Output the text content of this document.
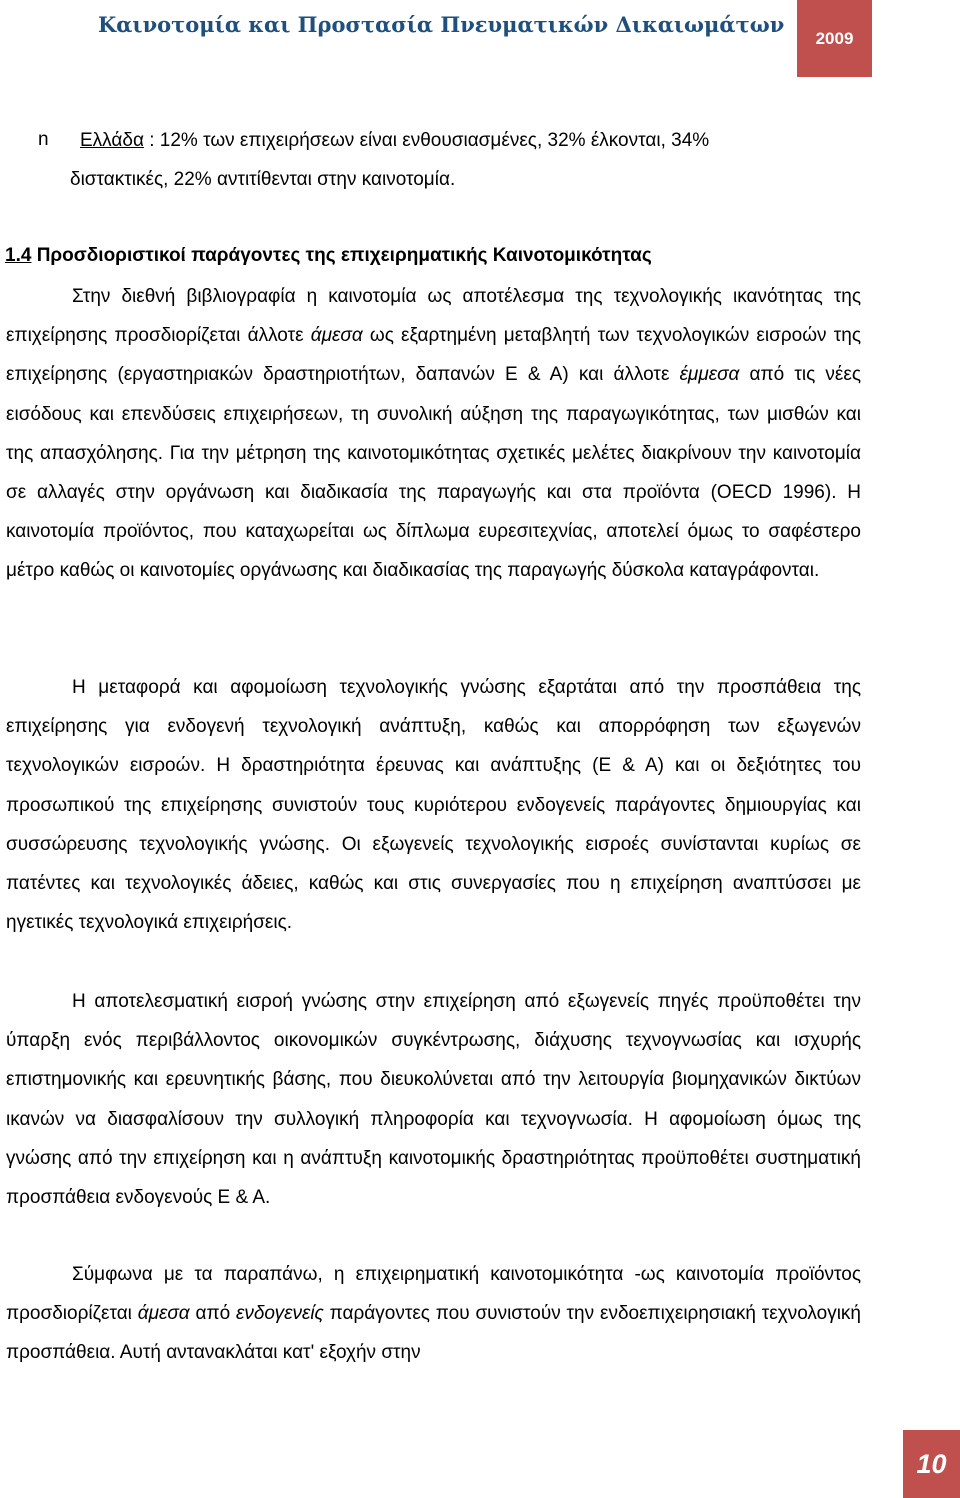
Καινοτομία και Προστασία Πνευματικών Δικαιωμάτων
2009
n Ελλάδα : 12% των επιχειρήσεων είναι ενθουσιασμένες, 32% έλκονται, 34%
διστακτικές, 22% αντιτίθενται στην καινοτομία.
1.4 Προσδιοριστικοί παράγοντες της επιχειρηματικής Καινοτομικότητας

Στην διεθνή βιβλιογραφία η καινοτομία ως αποτέλεσμα της τεχνολογικής ικανότητας της επιχείρησης προσδιορίζεται άλλοτε άμεσα ως εξαρτημένη μεταβλητή των τεχνολογικών εισροών της επιχείρησης (εργαστηριακών δραστηριοτήτων, δαπανών Ε & Α) και άλλοτε έμμεσα από τις νέες εισόδους και επενδύσεις επιχειρήσεων, τη συνολική αύξηση της παραγωγικότητας, των μισθών και της απασχόλησης. Για την μέτρηση της καινοτομικότητας σχετικές μελέτες διακρίνουν την καινοτομία σε αλλαγές στην οργάνωση και διαδικασία της παραγωγής και στα προϊόντα (OECD 1996). Η καινοτομία προϊόντος, που καταχωρείται ως δίπλωμα ευρεσιτεχνίας, αποτελεί όμως το σαφέστερο μέτρο καθώς οι καινοτομίες οργάνωσης και διαδικασίας της παραγωγής δύσκολα καταγράφονται.

Η μεταφορά και αφομοίωση τεχνολογικής γνώσης εξαρτάται από την προσπάθεια της επιχείρησης για ενδογενή τεχνολογική ανάπτυξη, καθώς και απορρόφηση των εξωγενών τεχνολογικών εισροών. Η δραστηριότητα έρευνας και ανάπτυξης (Ε & Α) και οι δεξιότητες του προσωπικού της επιχείρησης συνιστούν τους κυριότερου ενδογενείς παράγοντες δημιουργίας και συσσώρευσης τεχνολογικής γνώσης. Οι εξωγενείς τεχνολογικής εισροές συνίστανται κυρίως σε πατέντες και τεχνολογικές άδειες, καθώς και στις συνεργασίες που η επιχείρηση αναπτύσσει με ηγετικές τεχνολογικά επιχειρήσεις.

Η αποτελεσματική εισροή γνώσης στην επιχείρηση από εξωγενείς πηγές προϋποθέτει την ύπαρξη ενός περιβάλλοντος οικονομικών συγκέντρωσης, διάχυσης τεχνογνωσίας και ισχυρής επιστημονικής και ερευνητικής βάσης, που διευκολύνεται από την λειτουργία βιομηχανικών δικτύων ικανών να διασφαλίσουν την συλλογική πληροφορία και τεχνογνωσία. Η αφομοίωση όμως της γνώσης από την επιχείρηση και η ανάπτυξη καινοτομικής δραστηριότητας προϋποθέτει συστηματική προσπάθεια ενδογενούς Ε & Α.

Σύμφωνα με τα παραπάνω, η επιχειρηματική καινοτομικότητα -ως καινοτομία προϊόντος προσδιορίζεται άμεσα από ενδογενείς παράγοντες που συνιστούν την ενδοεπιχειρησιακή τεχνολογική προσπάθεια. Αυτή αντανακλάται κατ' εξοχήν στην

10
